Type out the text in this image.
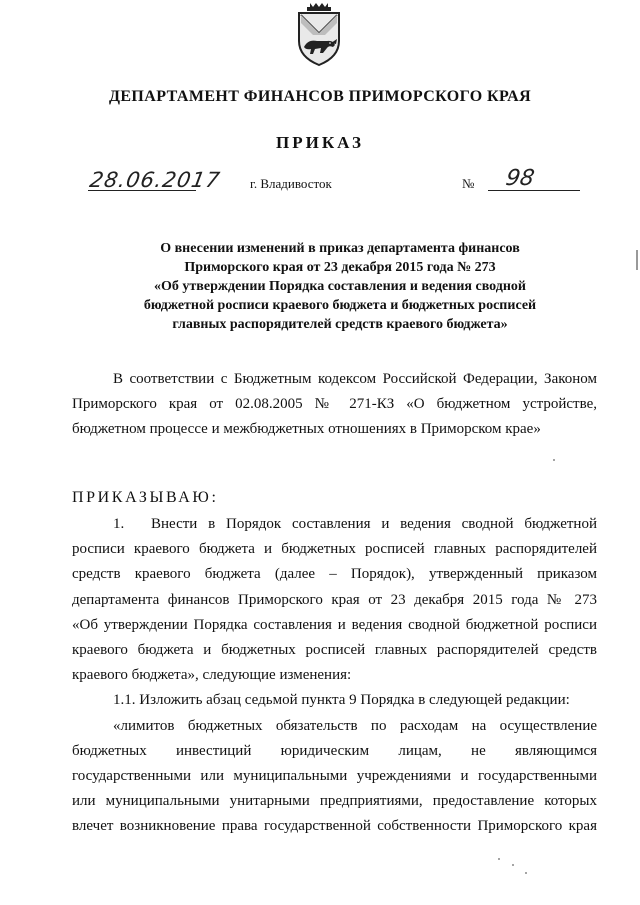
ДЕПАРТАМЕНТ ФИНАНСОВ ПРИМОРСКОГО КРАЯ
ПРИКАЗ
28.06.2017 г. Владивосток	№ 98
О внесении изменений в приказ департамента финансов
Приморского края от 23 декабря 2015 года № 273
«Об утверждении Порядка составления и ведения сводной
бюджетной росписи краевого бюджета и бюджетных росписей
главных распорядителей средств краевого бюджета»
В соответствии с Бюджетным кодексом Российской Федерации, Законом
Приморского края от 02.08.2005 № 271-КЗ «О бюджетном устройстве,
бюджетном процессе и межбюджетных отношениях в Приморском крае»
ПРИКАЗЫВАЮ:
1. Внести в Порядок составления и ведения сводной бюджетной
росписи краевого бюджета и бюджетных росписей главных распорядителей
средств краевого бюджета (далее – Порядок), утвержденный приказом
департамента финансов Приморского края от 23 декабря 2015 года № 273
«Об утверждении Порядка составления и ведения сводной бюджетной росписи
краевого бюджета и бюджетных росписей главных распорядителей средств
краевого бюджета», следующие изменения:
1.1. Изложить абзац седьмой пункта 9 Порядка в следующей редакции:
«лимитов бюджетных обязательств по расходам на осуществление
бюджетных инвестиций юридическим лицам, не являющимся
государственными или муниципальными учреждениями и государственными
или муниципальными унитарными предприятиями, предоставление которых
влечет возникновение права государственной собственности Приморского края
